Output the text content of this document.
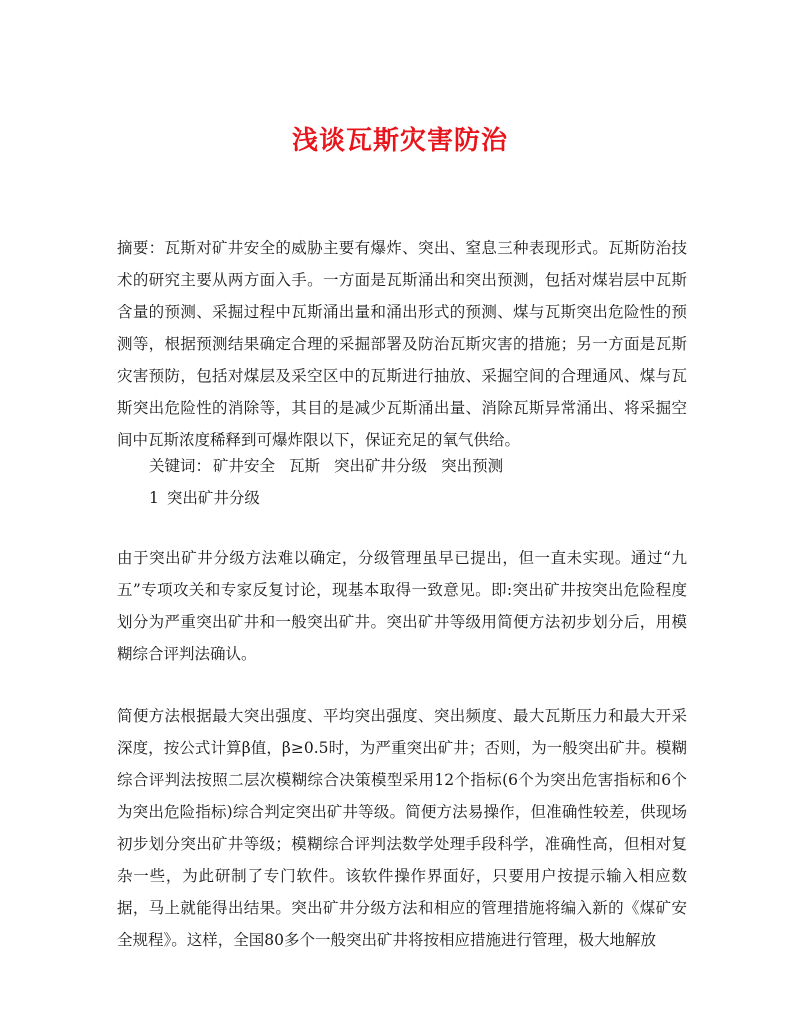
浅谈瓦斯灾害防治

摘要：瓦斯对矿井安全的威胁主要有爆炸、突出、窒息三种表现形式。瓦斯防治技术的研究主要从两方面入手。一方面是瓦斯涌出和突出预测，包括对煤岩层中瓦斯含量的预测、采掘过程中瓦斯涌出量和涌出形式的预测、煤与瓦斯突出危险性的预测等，根据预测结果确定合理的采掘部署及防治瓦斯灾害的措施；另一方面是瓦斯灾害预防，包括对煤层及采空区中的瓦斯进行抽放、采掘空间的合理通风、煤与瓦斯突出危险性的消除等，其目的是减少瓦斯涌出量、消除瓦斯异常涌出、将采掘空间中瓦斯浓度稀释到可爆炸限以下，保证充足的氧气供给。

关键词： 矿井安全 瓦斯 突出矿井分级 突出预测

1 突出矿井分级

由于突出矿井分级方法难以确定，分级管理虽早已提出，但一直未实现。通过“九五”专项攻关和专家反复讨论，现基本取得一致意见。即:突出矿井按突出危险程度划分为严重突出矿井和一般突出矿井。突出矿井等级用简便方法初步划分后，用模糊综合评判法确认。

简便方法根据最大突出强度、平均突出强度、突出频度、最大瓦斯压力和最大开采深度，按公式计算β值，β≥0.5时，为严重突出矿井；否则，为一般突出矿井。模糊综合评判法按照二层次模糊综合决策模型采用12个指标(6个为突出危害指标和6个为突出危险指标)综合判定突出矿井等级。简便方法易操作，但准确性较差，供现场初步划分突出矿井等级；模糊综合评判法数学处理手段科学，准确性高，但相对复杂一些，为此研制了专门软件。该软件操作界面好，只要用户按提示输入相应数据，马上就能得出结果。突出矿井分级方法和相应的管理措施将编入新的《煤矿安全规程》。这样，全国80多个一般突出矿井将按相应措施进行管理，极大地解放
